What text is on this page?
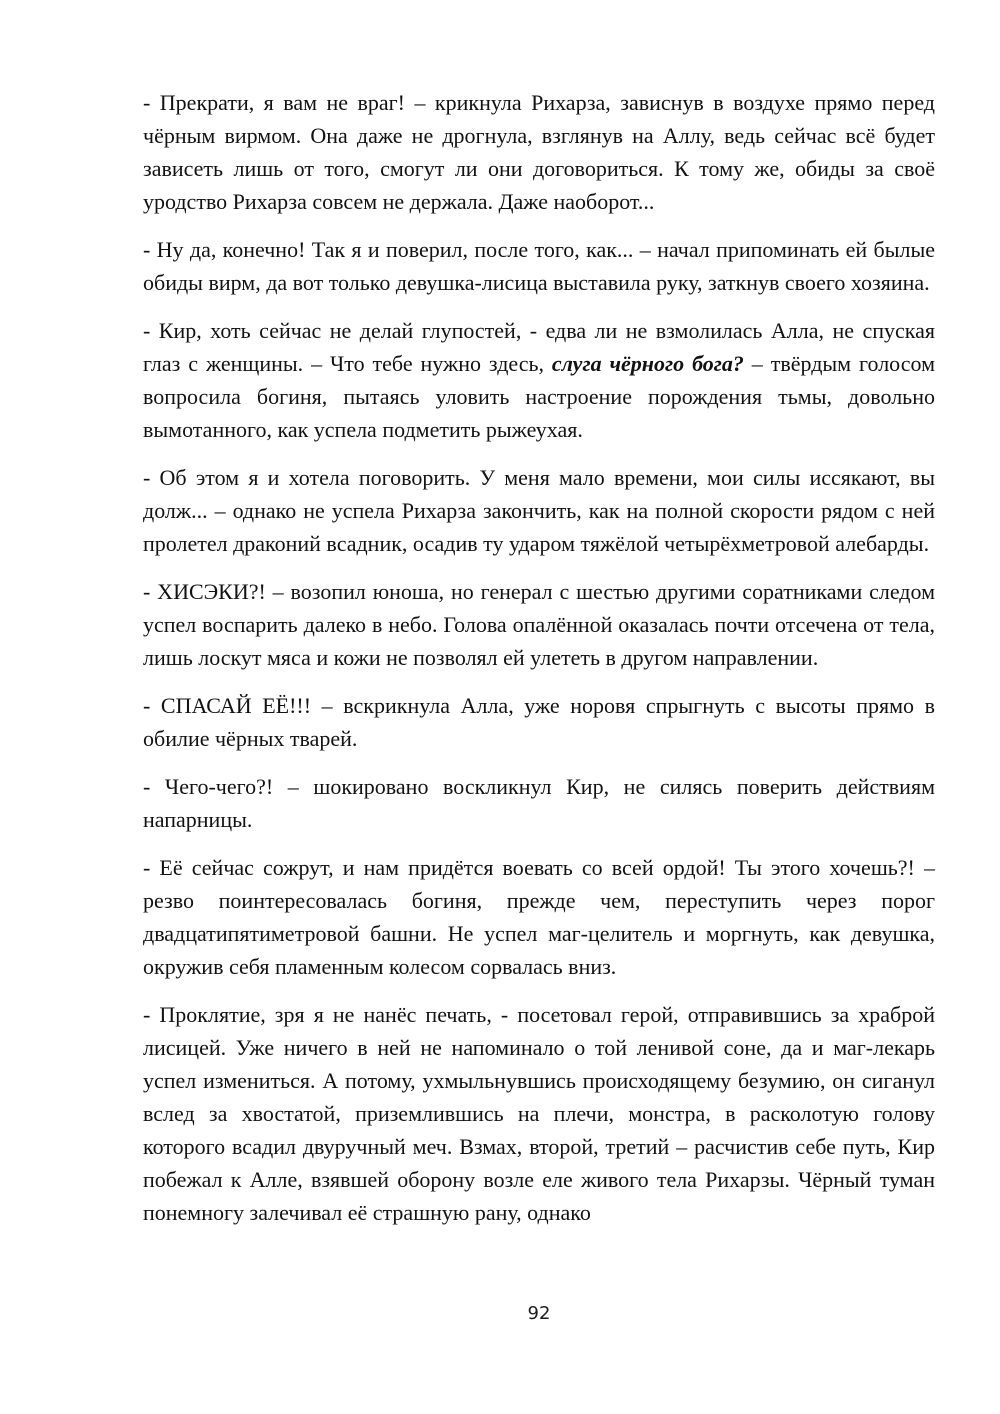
- Прекрати, я вам не враг! – крикнула Рихарза, зависнув в воздухе прямо перед чёрным вирмом. Она даже не дрогнула, взглянув на Аллу, ведь сейчас всё будет зависеть лишь от того, смогут ли они договориться. К тому же, обиды за своё уродство Рихарза совсем не держала. Даже наоборот...

- Ну да, конечно! Так я и поверил, после того, как... – начал припоминать ей былые обиды вирм, да вот только девушка-лисица выставила руку, заткнув своего хозяина.

- Кир, хоть сейчас не делай глупостей, - едва ли не взмолилась Алла, не спуская глаз с женщины. – Что тебе нужно здесь, слуга чёрного бога? – твёрдым голосом вопросила богиня, пытаясь уловить настроение порождения тьмы, довольно вымотанного, как успела подметить рыжеухая.

- Об этом я и хотела поговорить. У меня мало времени, мои силы иссякают, вы долж... – однако не успела Рихарза закончить, как на полной скорости рядом с ней пролетел драконий всадник, осадив ту ударом тяжёлой четырёхметровой алебарды.

- ХИСЭКИ?! – возопил юноша, но генерал с шестью другими соратниками следом успел воспарить далеко в небо. Голова опалённой оказалась почти отсечена от тела, лишь лоскут мяса и кожи не позволял ей улететь в другом направлении.

- СПАСАЙ ЕЁ!!! – вскрикнула Алла, уже норовя спрыгнуть с высоты прямо в обилие чёрных тварей.

- Чего-чего?! – шокировано воскликнул Кир, не силясь поверить действиям напарницы.

- Её сейчас сожрут, и нам придётся воевать со всей ордой! Ты этого хочешь?! – резво поинтересовалась богиня, прежде чем, переступить через порог двадцатипятиметровой башни. Не успел маг-целитель и моргнуть, как девушка, окружив себя пламенным колесом сорвалась вниз.

- Проклятие, зря я не нанёс печать, - посетовал герой, отправившись за храброй лисицей. Уже ничего в ней не напоминало о той ленивой соне, да и маг-лекарь успел измениться. А потому, ухмыльнувшись происходящему безумию, он сиганул вслед за хвостатой, приземлившись на плечи, монстра, в расколотую голову которого всадил двуручный меч. Взмах, второй, третий – расчистив себе путь, Кир побежал к Алле, взявшей оборону возле еле живого тела Рихарзы. Чёрный туман понемногу залечивал её страшную рану, однако

92
